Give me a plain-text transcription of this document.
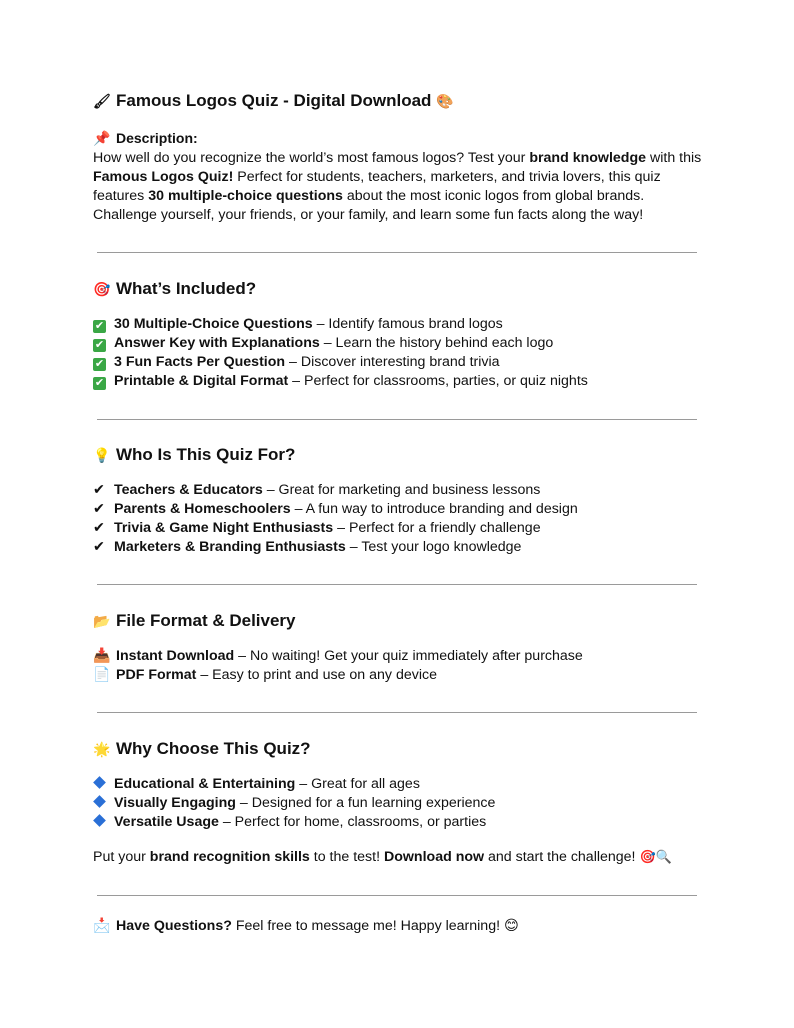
🖌 Famous Logos Quiz - Digital Download 🎨
📌 Description:
How well do you recognize the world’s most famous logos? Test your brand knowledge with this Famous Logos Quiz! Perfect for students, teachers, marketers, and trivia lovers, this quiz features 30 multiple-choice questions about the most iconic logos from global brands. Challenge yourself, your friends, or your family, and learn some fun facts along the way!
🎯 What’s Included?
✔ 30 Multiple-Choice Questions – Identify famous brand logos
✔ Answer Key with Explanations – Learn the history behind each logo
✔ 3 Fun Facts Per Question – Discover interesting brand trivia
✔ Printable & Digital Format – Perfect for classrooms, parties, or quiz nights
💡 Who Is This Quiz For?
✔ Teachers & Educators – Great for marketing and business lessons
✔ Parents & Homeschoolers – A fun way to introduce branding and design
✔ Trivia & Game Night Enthusiasts – Perfect for a friendly challenge
✔ Marketers & Branding Enthusiasts – Test your logo knowledge
📂 File Format & Delivery
📥 Instant Download – No waiting! Get your quiz immediately after purchase
📄 PDF Format – Easy to print and use on any device
🌟 Why Choose This Quiz?
Educational & Entertaining – Great for all ages
Visually Engaging – Designed for a fun learning experience
Versatile Usage – Perfect for home, classrooms, or parties
Put your brand recognition skills to the test! Download now and start the challenge! 🎯🔍
📩 Have Questions? Feel free to message me! Happy learning! 😊
